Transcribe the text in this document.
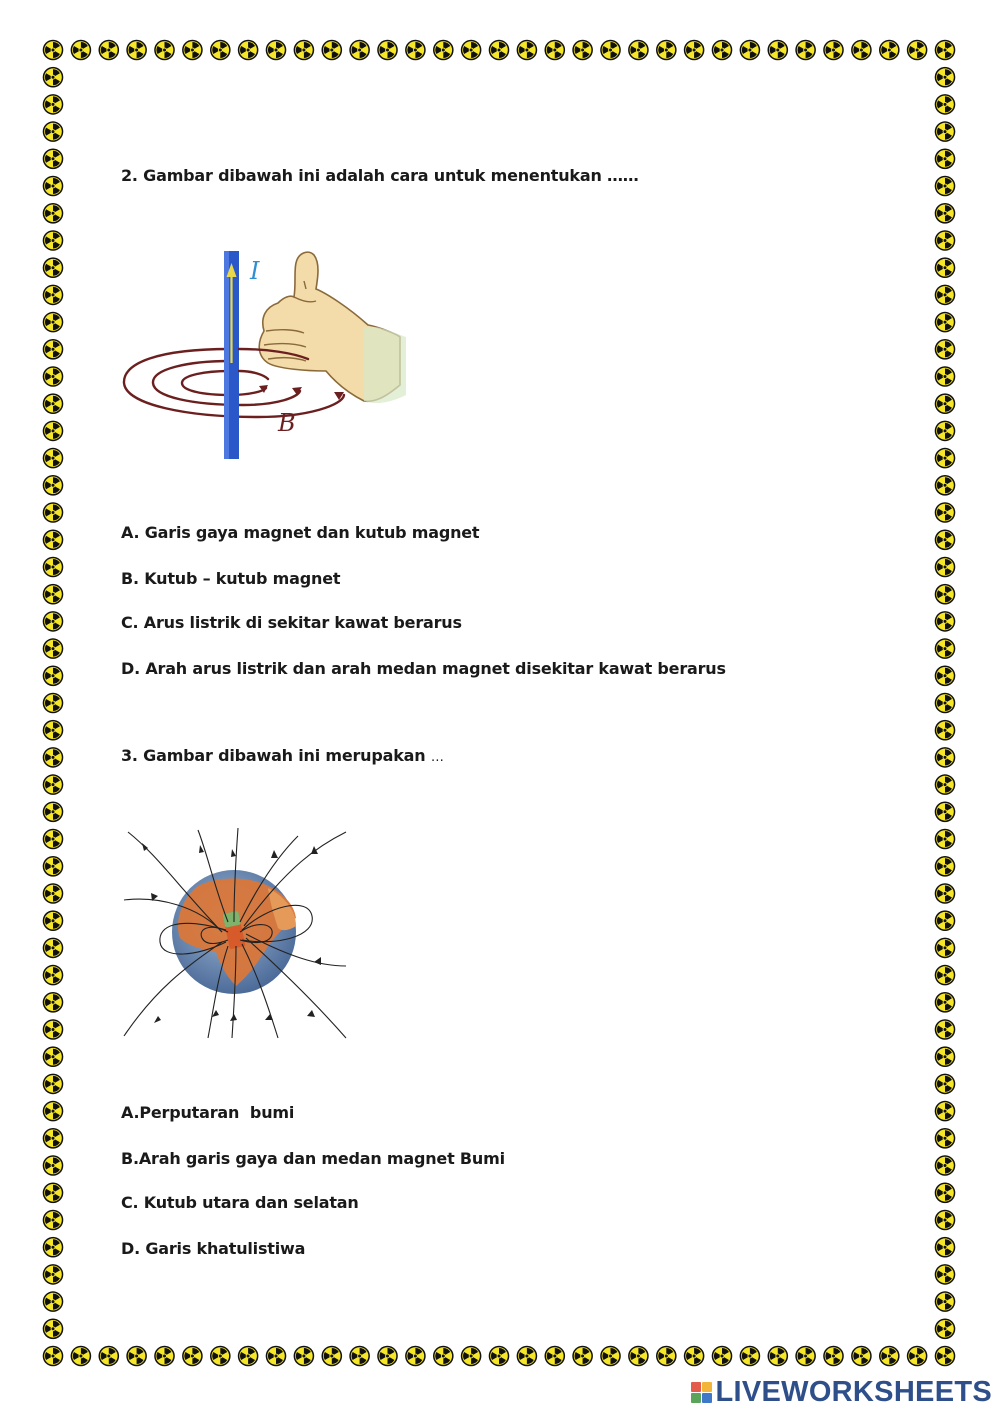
2. Gambar dibawah ini adalah cara untuk menentukan ……

I
B

A. Garis gaya magnet dan kutub magnet

B. Kutub – kutub magnet

C. Arus listrik di sekitar kawat berarus

D. Arah arus listrik dan arah medan magnet disekitar kawat berarus

3. Gambar dibawah ini merupakan …

A.Perputaran  bumi

B.Arah garis gaya dan medan magnet Bumi

C. Kutub utara dan selatan

D. Garis khatulistiwa

LIVEWORKSHEETS
